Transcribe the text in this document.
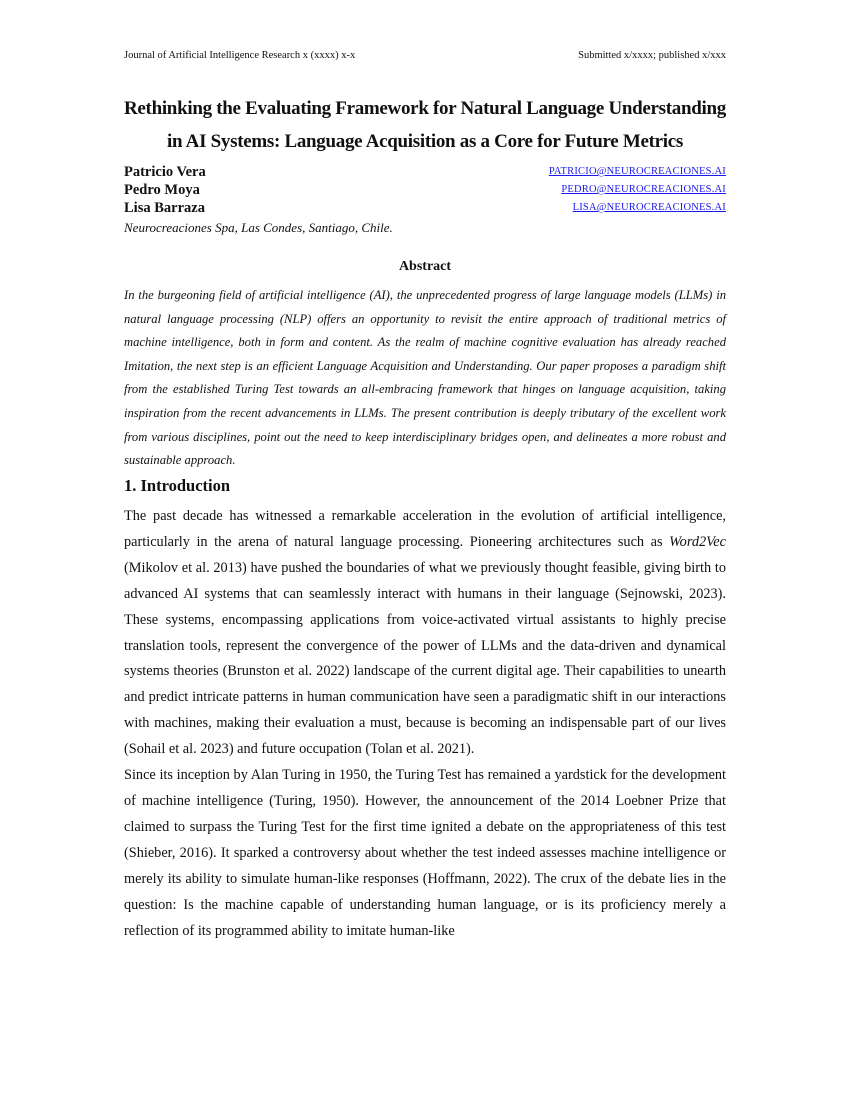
Journal of Artificial Intelligence Research x (xxxx) x-x	Submitted x/xxxx; published x/xxx
Rethinking the Evaluating Framework for Natural Language Understanding
in AI Systems: Language Acquisition as a Core for Future Metrics
Patricio Vera	PATRICIO@NEUROCREACIONES.AI
Pedro Moya	PEDRO@NEUROCREACIONES.AI
Lisa Barraza	LISA@NEUROCREACIONES.AI
Neurocreaciones Spa, Las Condes, Santiago, Chile.
Abstract
In the burgeoning field of artificial intelligence (AI), the unprecedented progress of large language models (LLMs) in natural language processing (NLP) offers an opportunity to revisit the entire approach of traditional metrics of machine intelligence, both in form and content. As the realm of machine cognitive evaluation has already reached Imitation, the next step is an efficient Language Acquisition and Understanding. Our paper proposes a paradigm shift from the established Turing Test towards an all-embracing framework that hinges on language acquisition, taking inspiration from the recent advancements in LLMs. The present contribution is deeply tributary of the excellent work from various disciplines, point out the need to keep interdisciplinary bridges open, and delineates a more robust and sustainable approach.
1. Introduction

The past decade has witnessed a remarkable acceleration in the evolution of artificial intelligence, particularly in the arena of natural language processing. Pioneering architectures such as Word2Vec (Mikolov et al. 2013) have pushed the boundaries of what we previously thought feasible, giving birth to advanced AI systems that can seamlessly interact with humans in their language (Sejnowski, 2023). These systems, encompassing applications from voice-activated virtual assistants to highly precise translation tools, represent the convergence of the power of LLMs and the data-driven and dynamical systems theories (Brunston et al. 2022) landscape of the current digital age. Their capabilities to unearth and predict intricate patterns in human communication have seen a paradigmatic shift in our interactions with machines, making their evaluation a must, because is becoming an indispensable part of our lives (Sohail et al. 2023) and future occupation (Tolan et al. 2021).

Since its inception by Alan Turing in 1950, the Turing Test has remained a yardstick for the development of machine intelligence (Turing, 1950). However, the announcement of the 2014 Loebner Prize that claimed to surpass the Turing Test for the first time ignited a debate on the appropriateness of this test (Shieber, 2016). It sparked a controversy about whether the test indeed assesses machine intelligence or merely its ability to simulate human-like responses (Hoffmann, 2022). The crux of the debate lies in the question: Is the machine capable of understanding human language, or is its proficiency merely a reflection of its programmed ability to imitate human-like
